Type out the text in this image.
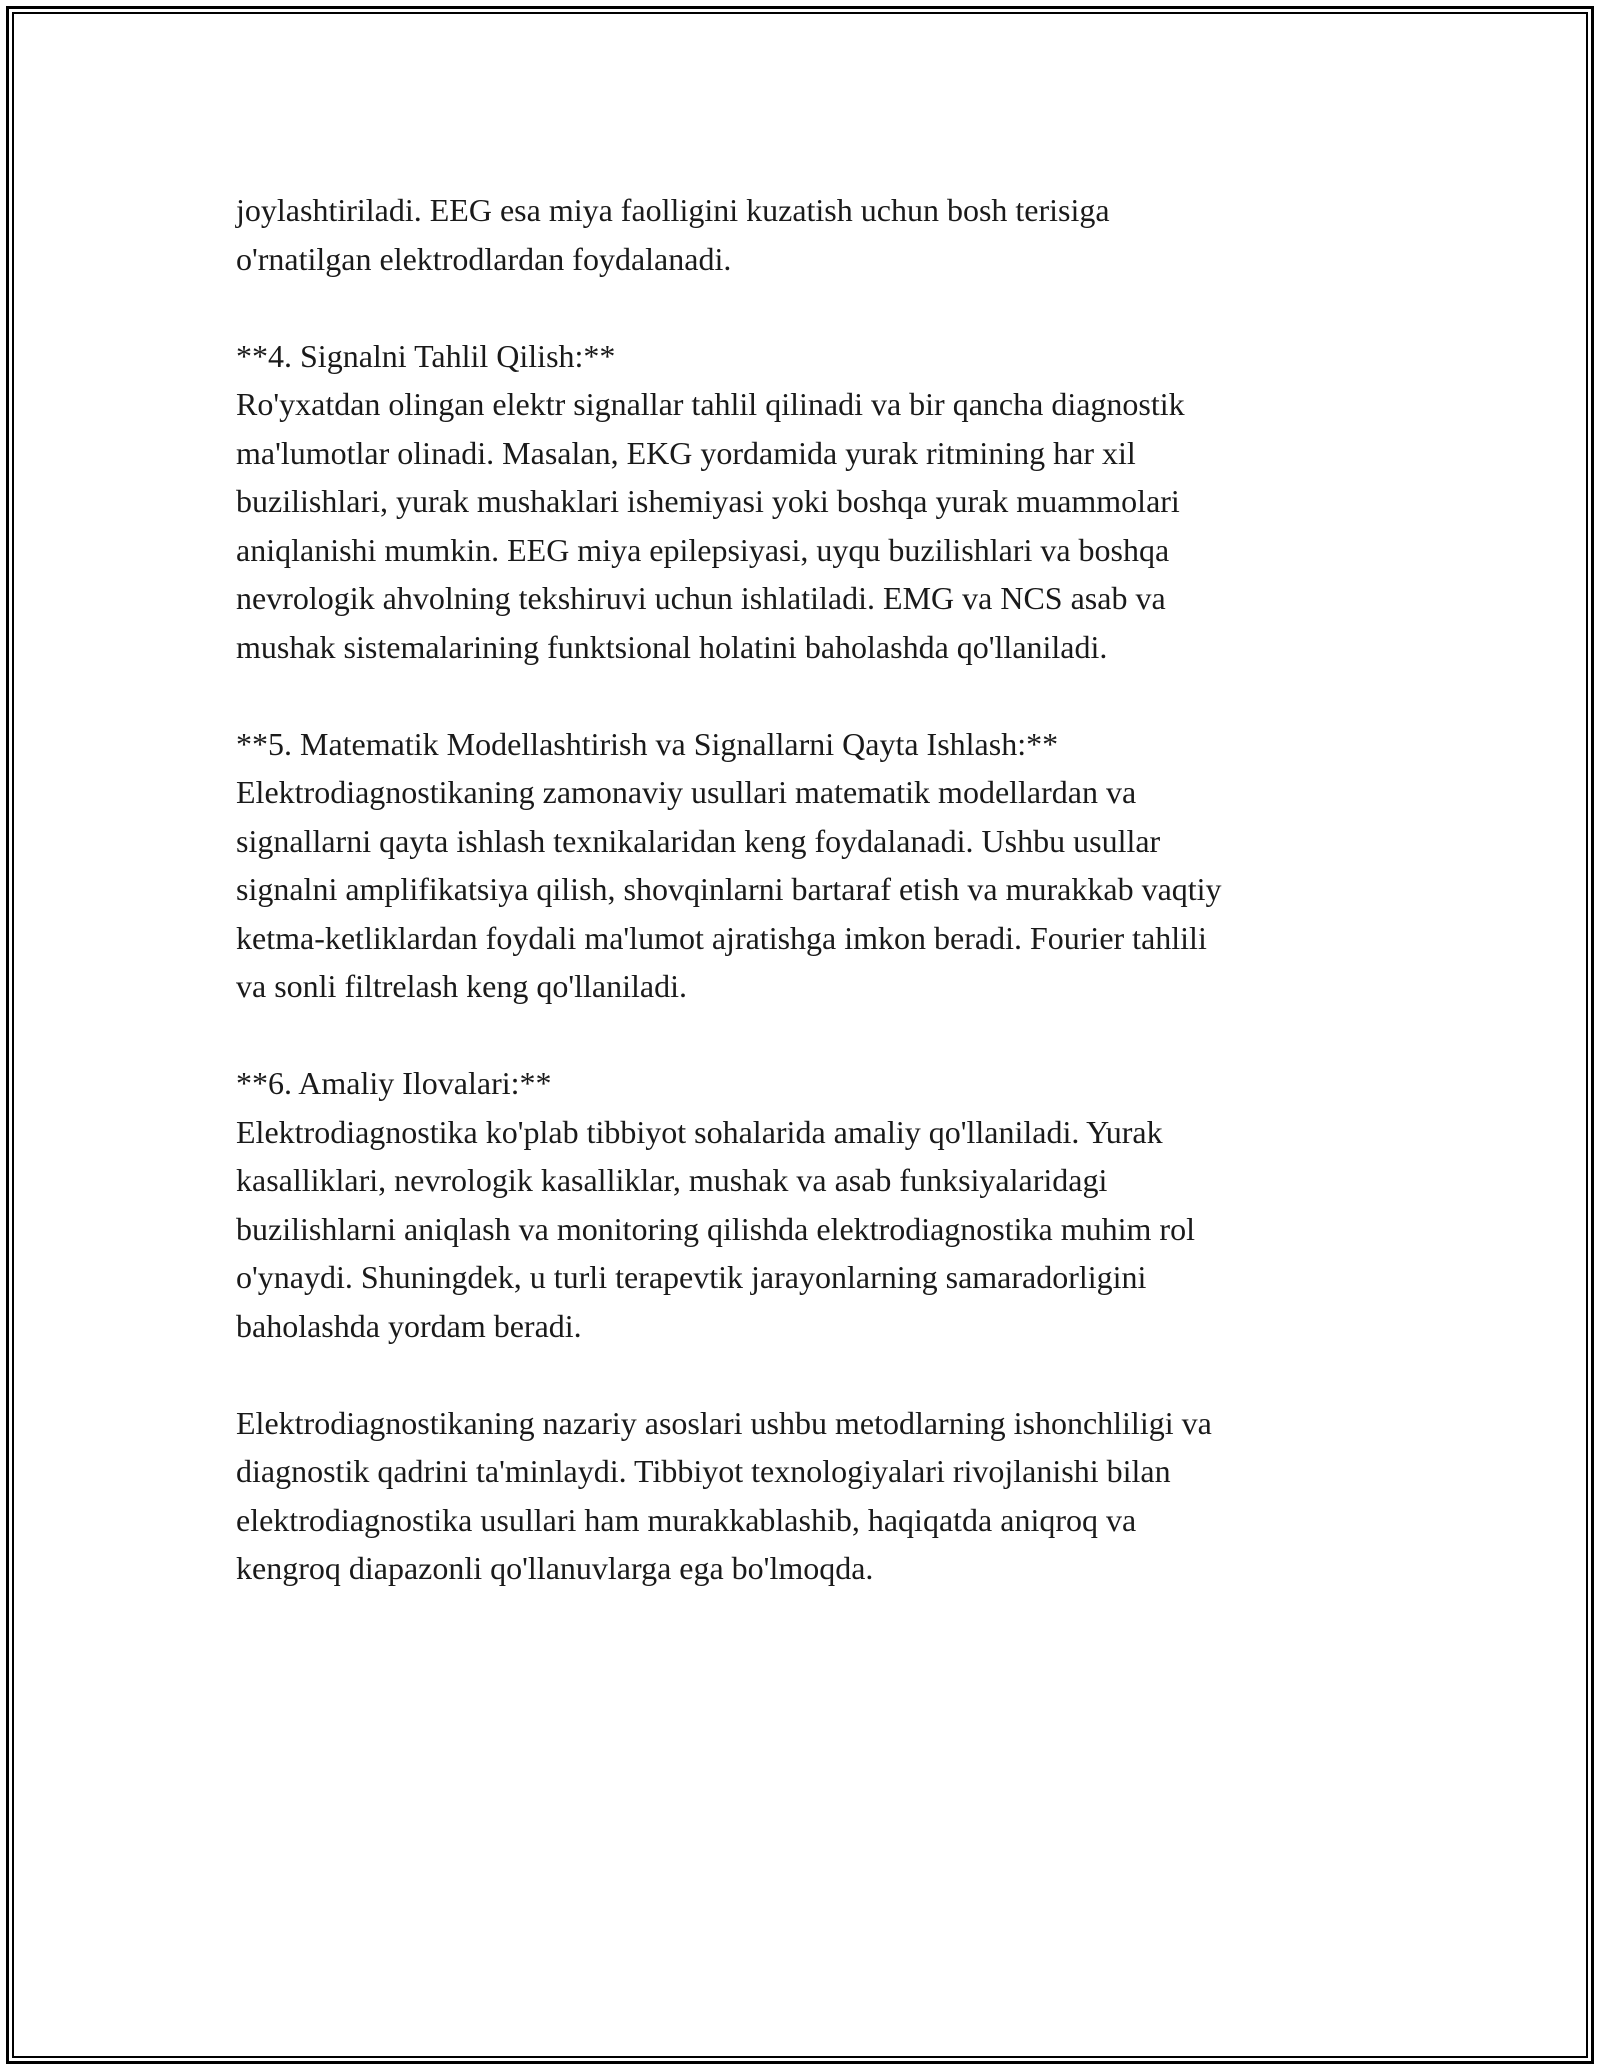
joylashtiriladi. EEG esa miya faolligini kuzatish uchun bosh terisiga
o'rnatilgan elektrodlardan foydalanadi.
**4. Signalni Tahlil Qilish:**
Ro'yxatdan olingan elektr signallar tahlil qilinadi va bir qancha diagnostik
ma'lumotlar olinadi. Masalan, EKG yordamida yurak ritmining har xil
buzilishlari, yurak mushaklari ishemiyasi yoki boshqa yurak muammolari
aniqlanishi mumkin. EEG miya epilepsiyasi, uyqu buzilishlari va boshqa
nevrologik ahvolning tekshiruvi uchun ishlatiladi. EMG va NCS asab va
mushak sistemalarining funktsional holatini baholashda qo'llaniladi.
**5. Matematik Modellashtirish va Signallarni Qayta Ishlash:**
Elektrodiagnostikaning zamonaviy usullari matematik modellardan va
signallarni qayta ishlash texnikalaridan keng foydalanadi. Ushbu usullar
signalni amplifikatsiya qilish, shovqinlarni bartaraf etish va murakkab vaqtiy
ketma-ketliklardan foydali ma'lumot ajratishga imkon beradi. Fourier tahlili
va sonli filtrelash keng qo'llaniladi.
**6. Amaliy Ilovalari:**
Elektrodiagnostika ko'plab tibbiyot sohalarida amaliy qo'llaniladi. Yurak
kasalliklari, nevrologik kasalliklar, mushak va asab funksiyalaridagi
buzilishlarni aniqlash va monitoring qilishda elektrodiagnostika muhim rol
o'ynaydi. Shuningdek, u turli terapevtik jarayonlarning samaradorligini
baholashda yordam beradi.
Elektrodiagnostikaning nazariy asoslari ushbu metodlarning ishonchliligi va
diagnostik qadrini ta'minlaydi. Tibbiyot texnologiyalari rivojlanishi bilan
elektrodiagnostika usullari ham murakkablashib, haqiqatda aniqroq va
kengroq diapazonli qo'llanuvlarga ega bo'lmoqda.
